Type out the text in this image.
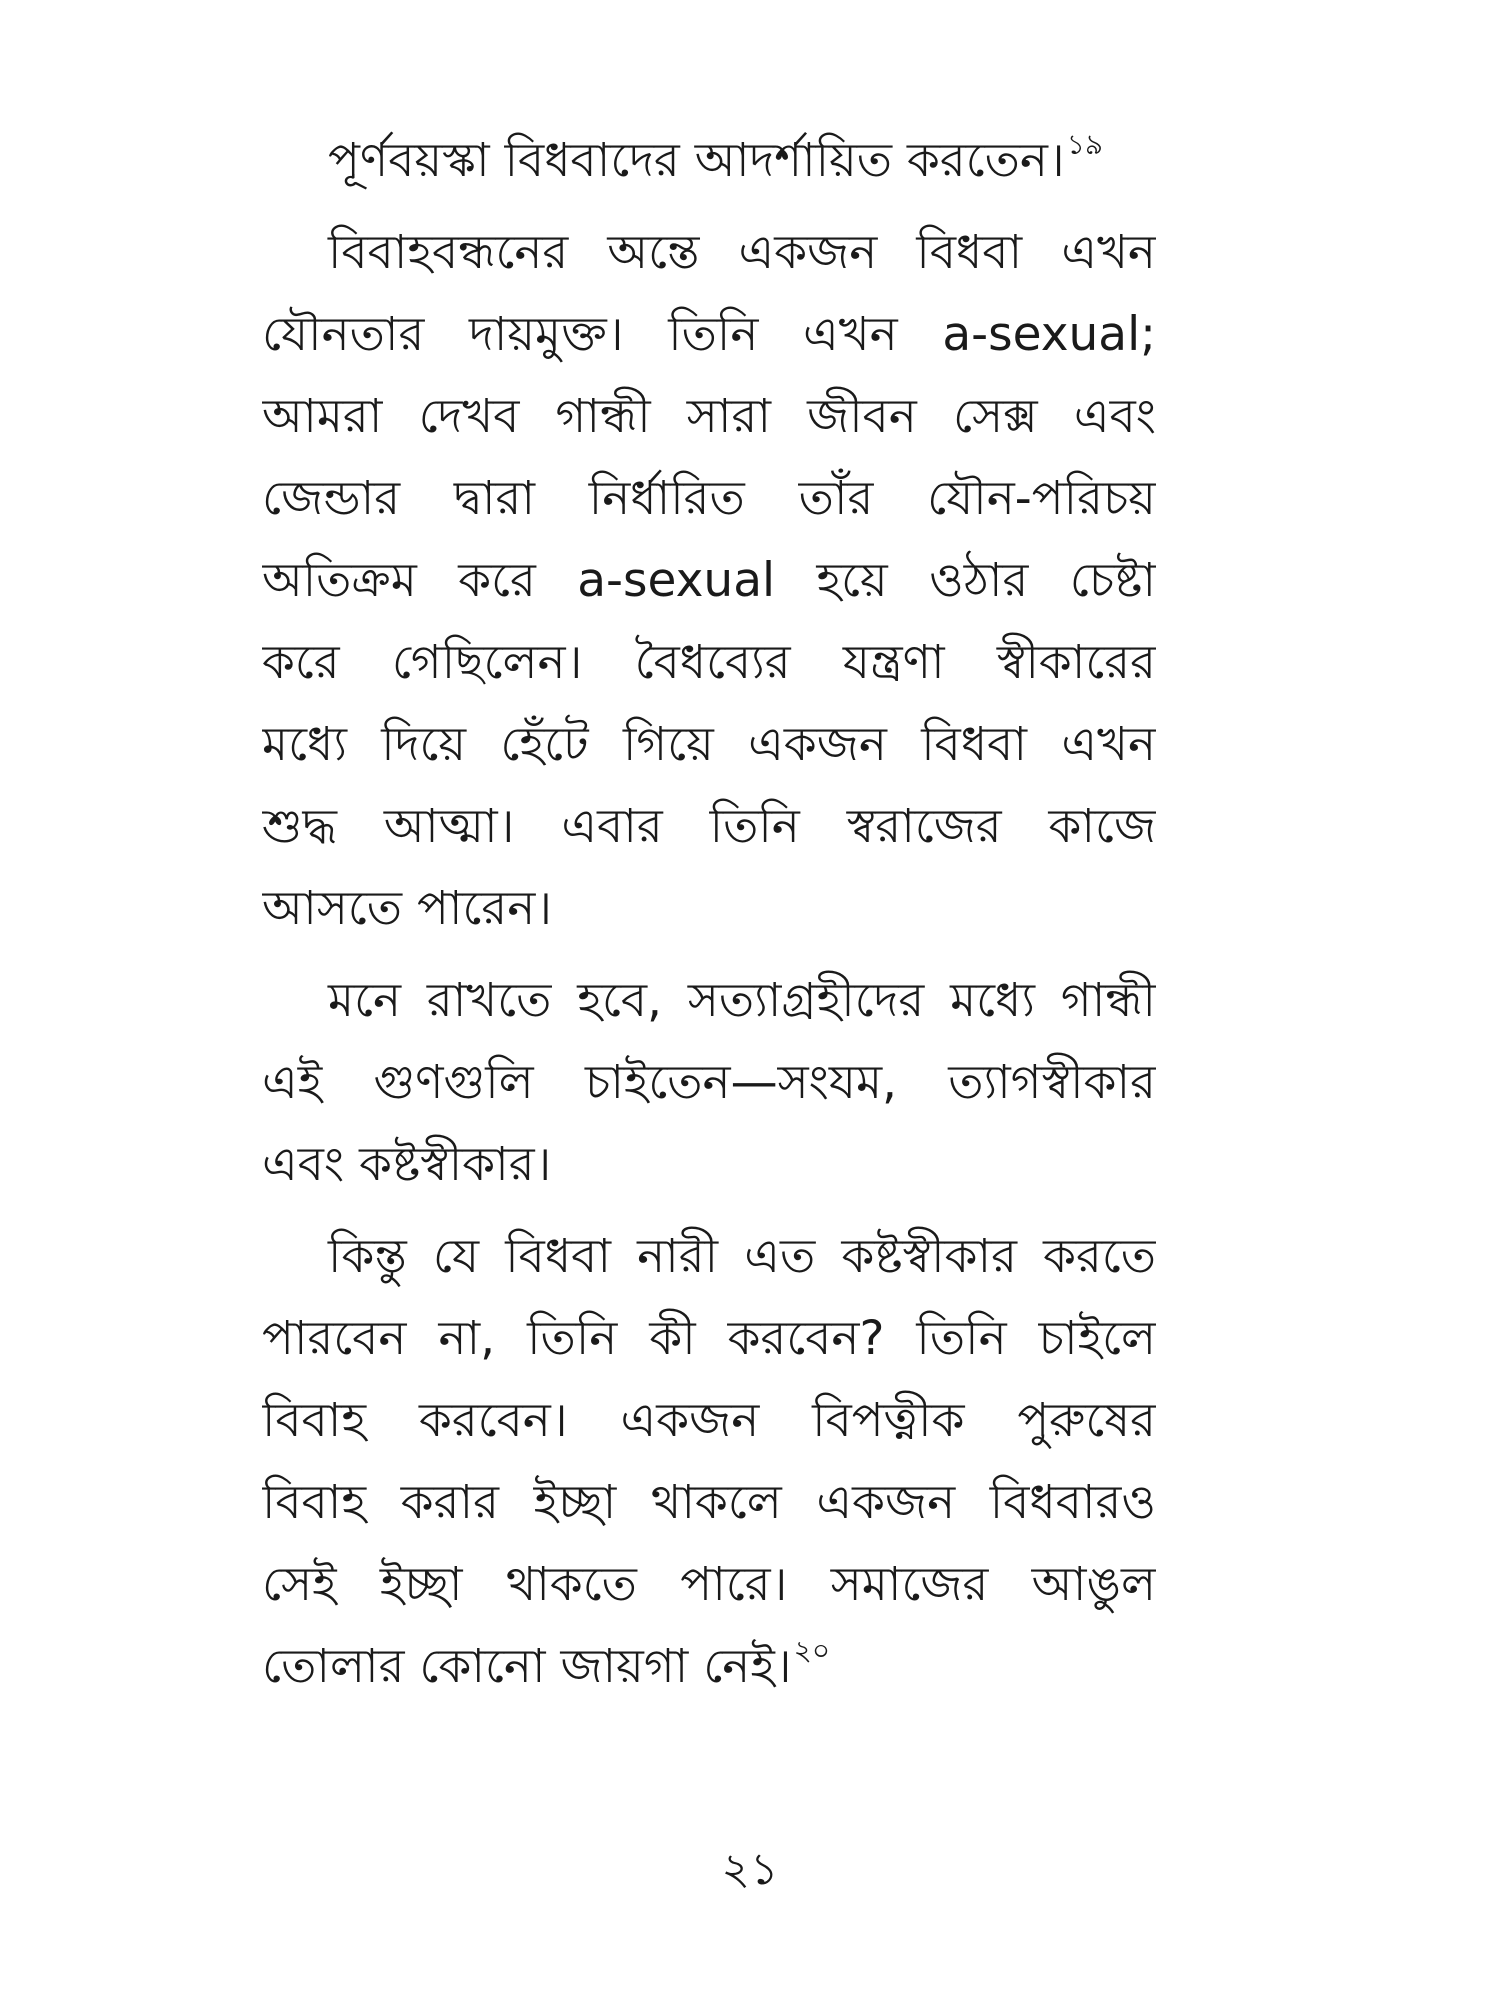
পূর্ণবয়স্কা বিধবাদের আদর্শায়িত করতেন।$^{১৯}$
বিবাহবন্ধনের অন্তে একজন বিধবা এখন
যৌনতার দায়মুক্ত। তিনি এখন a-sexual;
আমরা দেখব গান্ধী সারা জীবন সেক্স এবং
জেন্ডার দ্বারা নির্ধারিত তাঁর যৌন-পরিচয়
অতিক্রম করে a-sexual হয়ে ওঠার চেষ্টা
করে গেছিলেন। বৈধব্যের যন্ত্রণা স্বীকারের
মধ্যে দিয়ে হেঁটে গিয়ে একজন বিধবা এখন
শুদ্ধ আত্মা। এবার তিনি স্বরাজের কাজে
আসতে পারেন।
মনে রাখতে হবে, সত্যাগ্রহীদের মধ্যে গান্ধী
এই গুণগুলি চাইতেন—সংযম, ত্যাগস্বীকার
এবং কষ্টস্বীকার।
কিন্তু যে বিধবা নারী এত কষ্টস্বীকার করতে
পারবেন না, তিনি কী করবেন? তিনি চাইলে
বিবাহ করবেন। একজন বিপত্নীক পুরুষের
বিবাহ করার ইচ্ছা থাকলে একজন বিধবারও
সেই ইচ্ছা থাকতে পারে। সমাজের আঙুল
তোলার কোনো জায়গা নেই।$^{২০}$
২১
